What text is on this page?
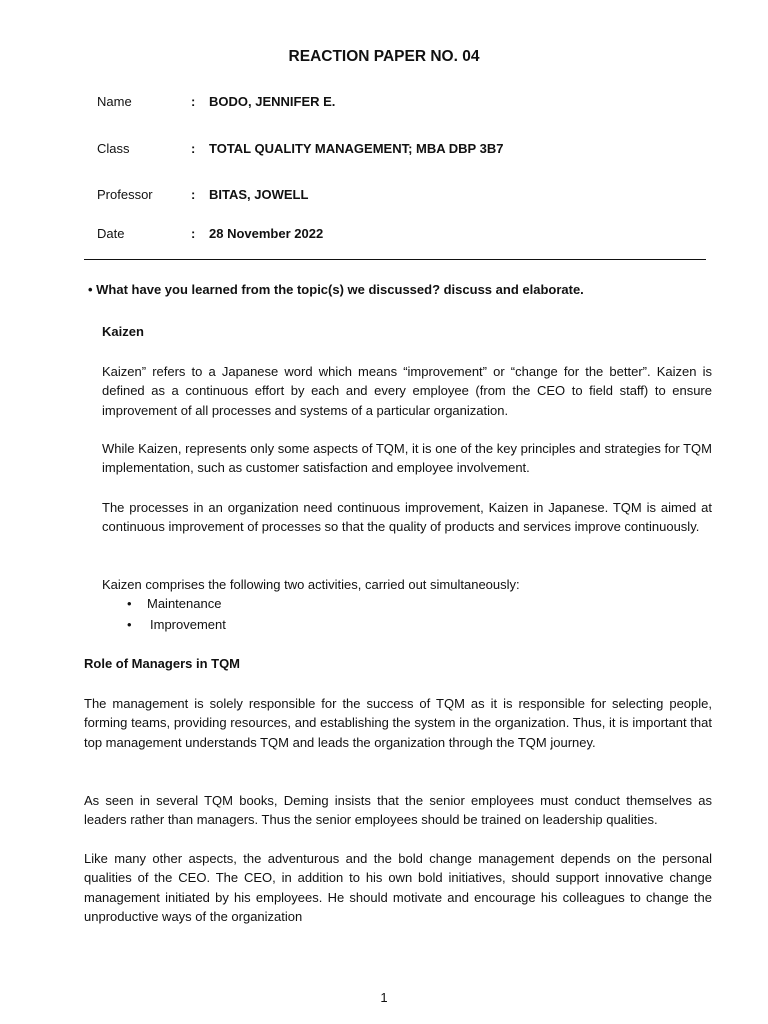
REACTION PAPER NO. 04
Name	: BODO, JENNIFER E.
Class	: TOTAL QUALITY MANAGEMENT; MBA DBP 3B7
Professor	: BITAS, JOWELL
Date	: 28 November 2022
• What have you learned from the topic(s) we discussed? discuss and elaborate.
Kaizen
Kaizen” refers to a Japanese word which means “improvement” or “change for the better”. Kaizen is defined as a continuous effort by each and every employee (from the CEO to field staff) to ensure improvement of all processes and systems of a particular organization.
While Kaizen, represents only some aspects of TQM, it is one of the key principles and strategies for TQM implementation, such as customer satisfaction and employee involvement.
The processes in an organization need continuous improvement, Kaizen in Japanese. TQM is aimed at continuous improvement of processes so that the quality of products and services improve continuously.
Kaizen comprises the following two activities, carried out simultaneously:
• Maintenance
• Improvement
Role of Managers in TQM
The management is solely responsible for the success of TQM as it is responsible for selecting people, forming teams, providing resources, and establishing the system in the organization. Thus, it is important that top management understands TQM and leads the organization through the TQM journey.
As seen in several TQM books, Deming insists that the senior employees must conduct themselves as leaders rather than managers. Thus the senior employees should be trained on leadership qualities.
Like many other aspects, the adventurous and the bold change management depends on the personal qualities of the CEO. The CEO, in addition to his own bold initiatives, should support innovative change management initiated by his employees. He should motivate and encourage his colleagues to change the unproductive ways of the organization
1
